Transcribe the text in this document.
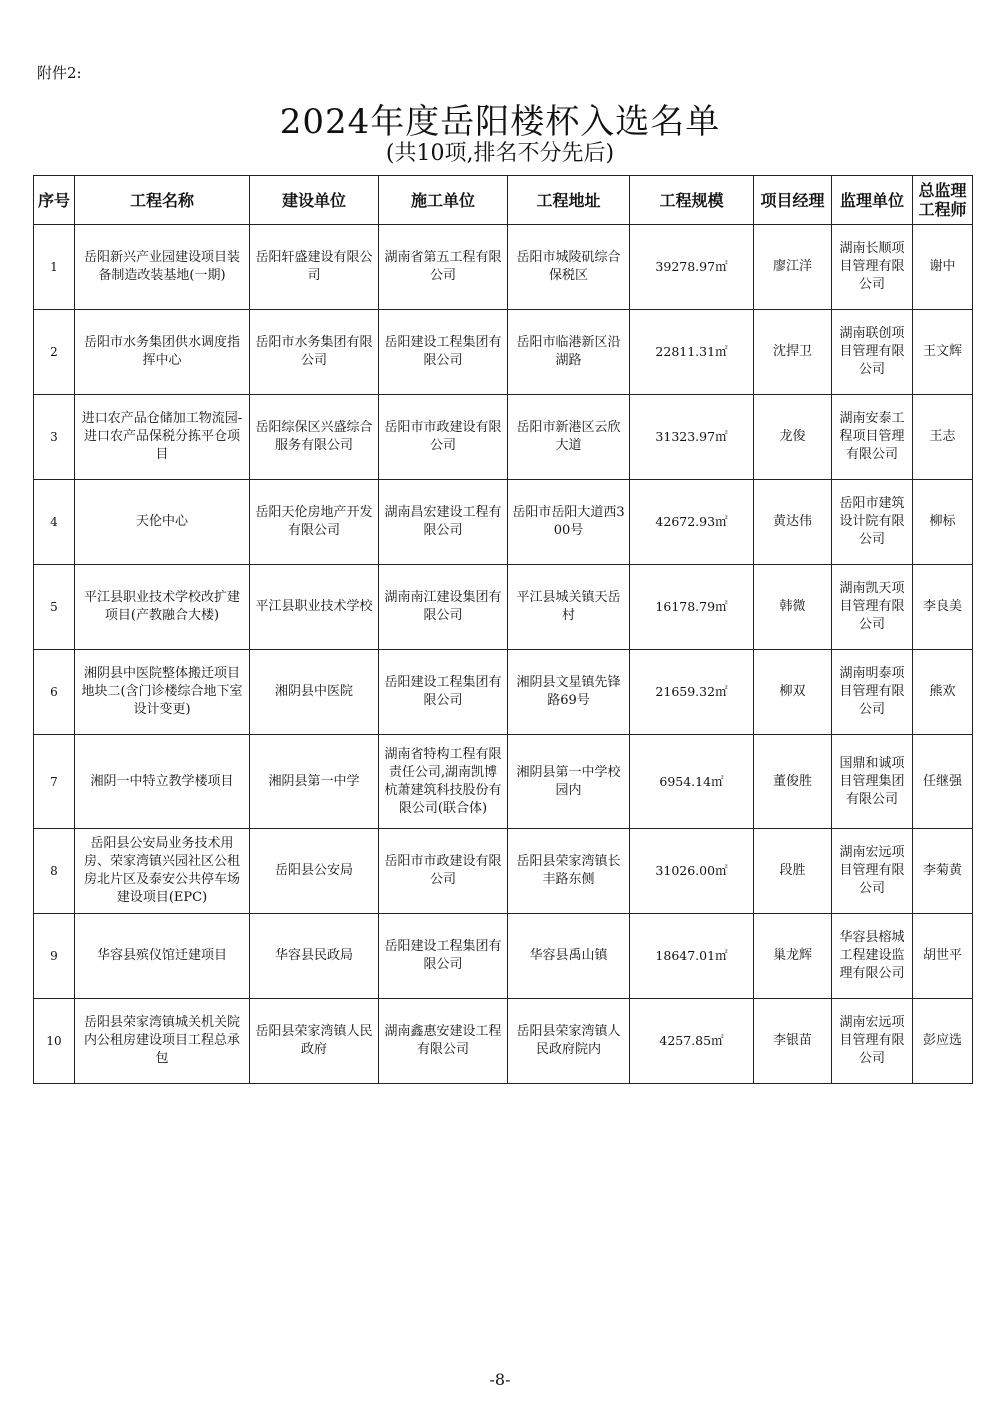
附件2:
2024年度岳阳楼杯入选名单
(共10项,排名不分先后)
序号	工程名称	建设单位	施工单位	工程地址	工程规模	项目经理	监理单位	总监理工程师
1	岳阳新兴产业园建设项目装备制造改装基地(一期)	岳阳轩盛建设有限公司	湖南省第五工程有限公司	岳阳市城陵矶综合保税区	39278.97㎡	廖江洋	湖南长顺项目管理有限公司	谢中
2	岳阳市水务集团供水调度指挥中心	岳阳市水务集团有限公司	岳阳建设工程集团有限公司	岳阳市临港新区沿湖路	22811.31㎡	沈捍卫	湖南联创项目管理有限公司	王文辉
3	进口农产品仓储加工物流园-进口农产品保税分拣平仓项目	岳阳综保区兴盛综合服务有限公司	岳阳市市政建设有限公司	岳阳市新港区云欣大道	31323.97㎡	龙俊	湖南安泰工程项目管理有限公司	王志
4	天伦中心	岳阳天伦房地产开发有限公司	湖南昌宏建设工程有限公司	岳阳市岳阳大道西300号	42672.93㎡	黄达伟	岳阳市建筑设计院有限公司	柳标
5	平江县职业技术学校改扩建项目(产教融合大楼)	平江县职业技术学校	湖南南江建设集团有限公司	平江县城关镇天岳村	16178.79㎡	韩微	湖南凯天项目管理有限公司	李良美
6	湘阴县中医院整体搬迁项目地块二(含门诊楼综合地下室设计变更)	湘阴县中医院	岳阳建设工程集团有限公司	湘阴县文星镇先锋路69号	21659.32㎡	柳双	湖南明泰项目管理有限公司	熊欢
7	湘阴一中特立教学楼项目	湘阴县第一中学	湖南省特构工程有限责任公司,湖南凯博杭萧建筑科技股份有限公司(联合体)	湘阴县第一中学校园内	6954.14㎡	董俊胜	国鼎和诚项目管理集团有限公司	任继强
8	岳阳县公安局业务技术用房、荣家湾镇兴园社区公租房北片区及泰安公共停车场建设项目(EPC)	岳阳县公安局	岳阳市市政建设有限公司	岳阳县荣家湾镇长丰路东侧	31026.00㎡	段胜	湖南宏远项目管理有限公司	李菊黄
9	华容县殡仪馆迁建项目	华容县民政局	岳阳建设工程集团有限公司	华容县禹山镇	18647.01㎡	巢龙辉	华容县榕城工程建设监理有限公司	胡世平
10	岳阳县荣家湾镇城关机关院内公租房建设项目工程总承包	岳阳县荣家湾镇人民政府	湖南鑫惠安建设工程有限公司	岳阳县荣家湾镇人民政府院内	4257.85㎡	李银苗	湖南宏远项目管理有限公司	彭应选
-8-
